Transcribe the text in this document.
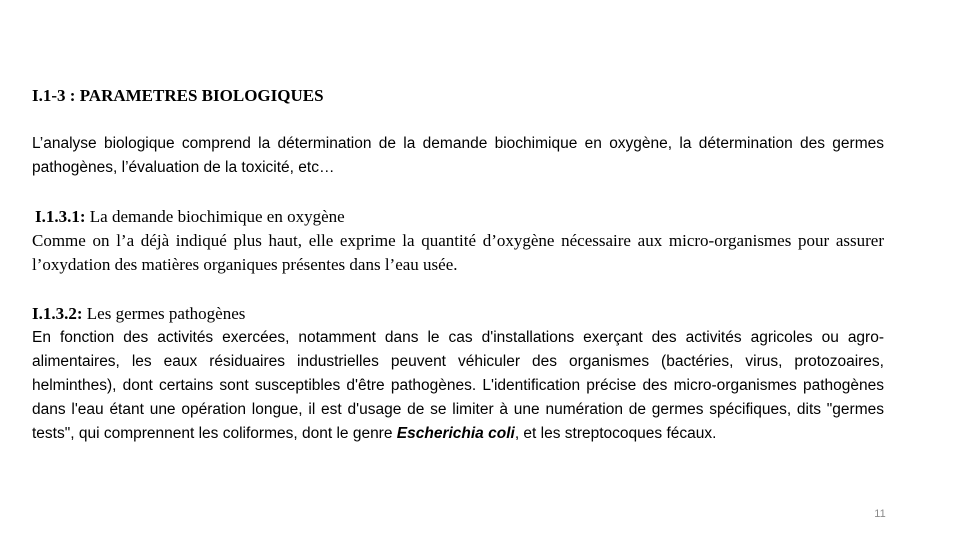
I.1-3 : PARAMETRES BIOLOGIQUES
L’analyse biologique comprend la détermination de la demande biochimique en oxygène, la détermination des germes pathogènes, l’évaluation de la toxicité, etc…
I.1.3.1: La demande biochimique en oxygène
Comme on l’a déjà indiqué plus haut, elle exprime la quantité d’oxygène nécessaire aux micro-organismes pour assurer l’oxydation des matières organiques présentes dans l’eau usée.
I.1.3.2: Les germes pathogènes
En fonction des activités exercées, notamment dans le cas d'installations exerçant des activités agricoles ou agro-alimentaires, les eaux résiduaires industrielles peuvent véhiculer des organismes (bactéries, virus, protozoaires, helminthes), dont certains sont susceptibles d'être pathogènes. L'identification précise des micro-organismes pathogènes dans l'eau étant une opération longue, il est d'usage de se limiter à une numération de germes spécifiques, dits "germes tests", qui comprennent les coliformes, dont le genre Escherichia coli, et les streptocoques fécaux.
11
